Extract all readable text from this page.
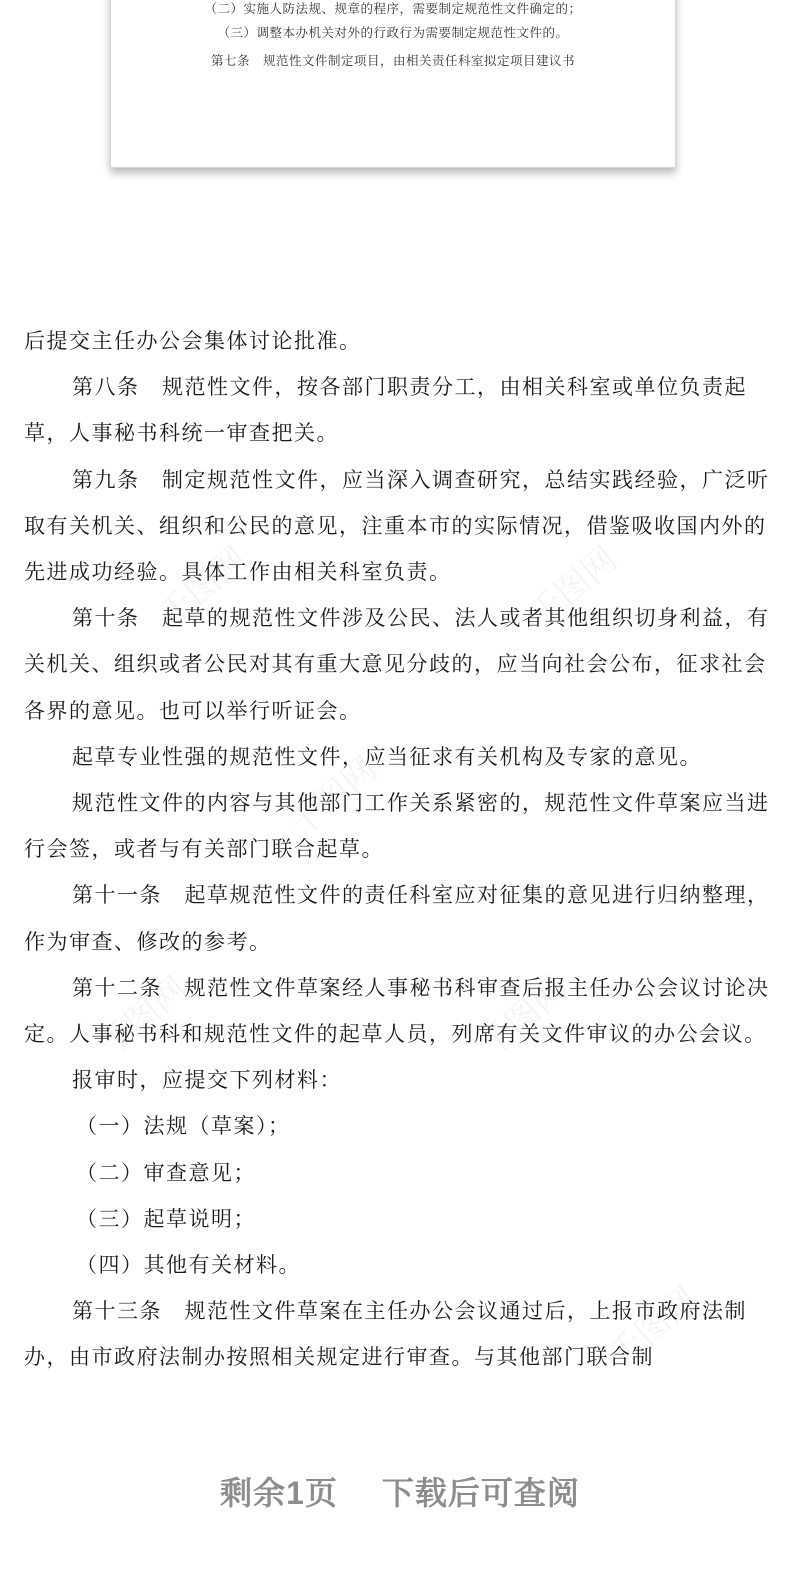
（二）实施人防法规、规章的程序，需要制定规范性文件确定的；
（三）调整本办机关对外的行政行为需要制定规范性文件的。
第七条　规范性文件制定项目，由相关责任科室拟定项目建议书

后提交主任办公会集体讨论批准。

第八条　规范性文件，按各部门职责分工，由相关科室或单位负责起草，人事秘书科统一审查把关。

第九条　制定规范性文件，应当深入调查研究，总结实践经验，广泛听取有关机关、组织和公民的意见，注重本市的实际情况，借鉴吸收国内外的先进成功经验。具体工作由相关科室负责。

第十条　起草的规范性文件涉及公民、法人或者其他组织切身利益，有关机关、组织或者公民对其有重大意见分歧的，应当向社会公布，征求社会各界的意见。也可以举行听证会。

起草专业性强的规范性文件，应当征求有关机构及专家的意见。

规范性文件的内容与其他部门工作关系紧密的，规范性文件草案应当进行会签，或者与有关部门联合起草。

第十一条　起草规范性文件的责任科室应对征集的意见进行归纳整理，作为审查、修改的参考。

第十二条　规范性文件草案经人事秘书科审查后报主任办公会议讨论决定。人事秘书科和规范性文件的起草人员，列席有关文件审议的办公会议。

报审时，应提交下列材料：

（一）法规（草案）；

（二）审查意见；

（三）起草说明；

（四）其他有关材料。

第十三条　规范性文件草案在主任办公会议通过后，上报市政府法制办，由市政府法制办按照相关规定进行审查。与其他部门联合制

剩余1页 下载后可查阅
